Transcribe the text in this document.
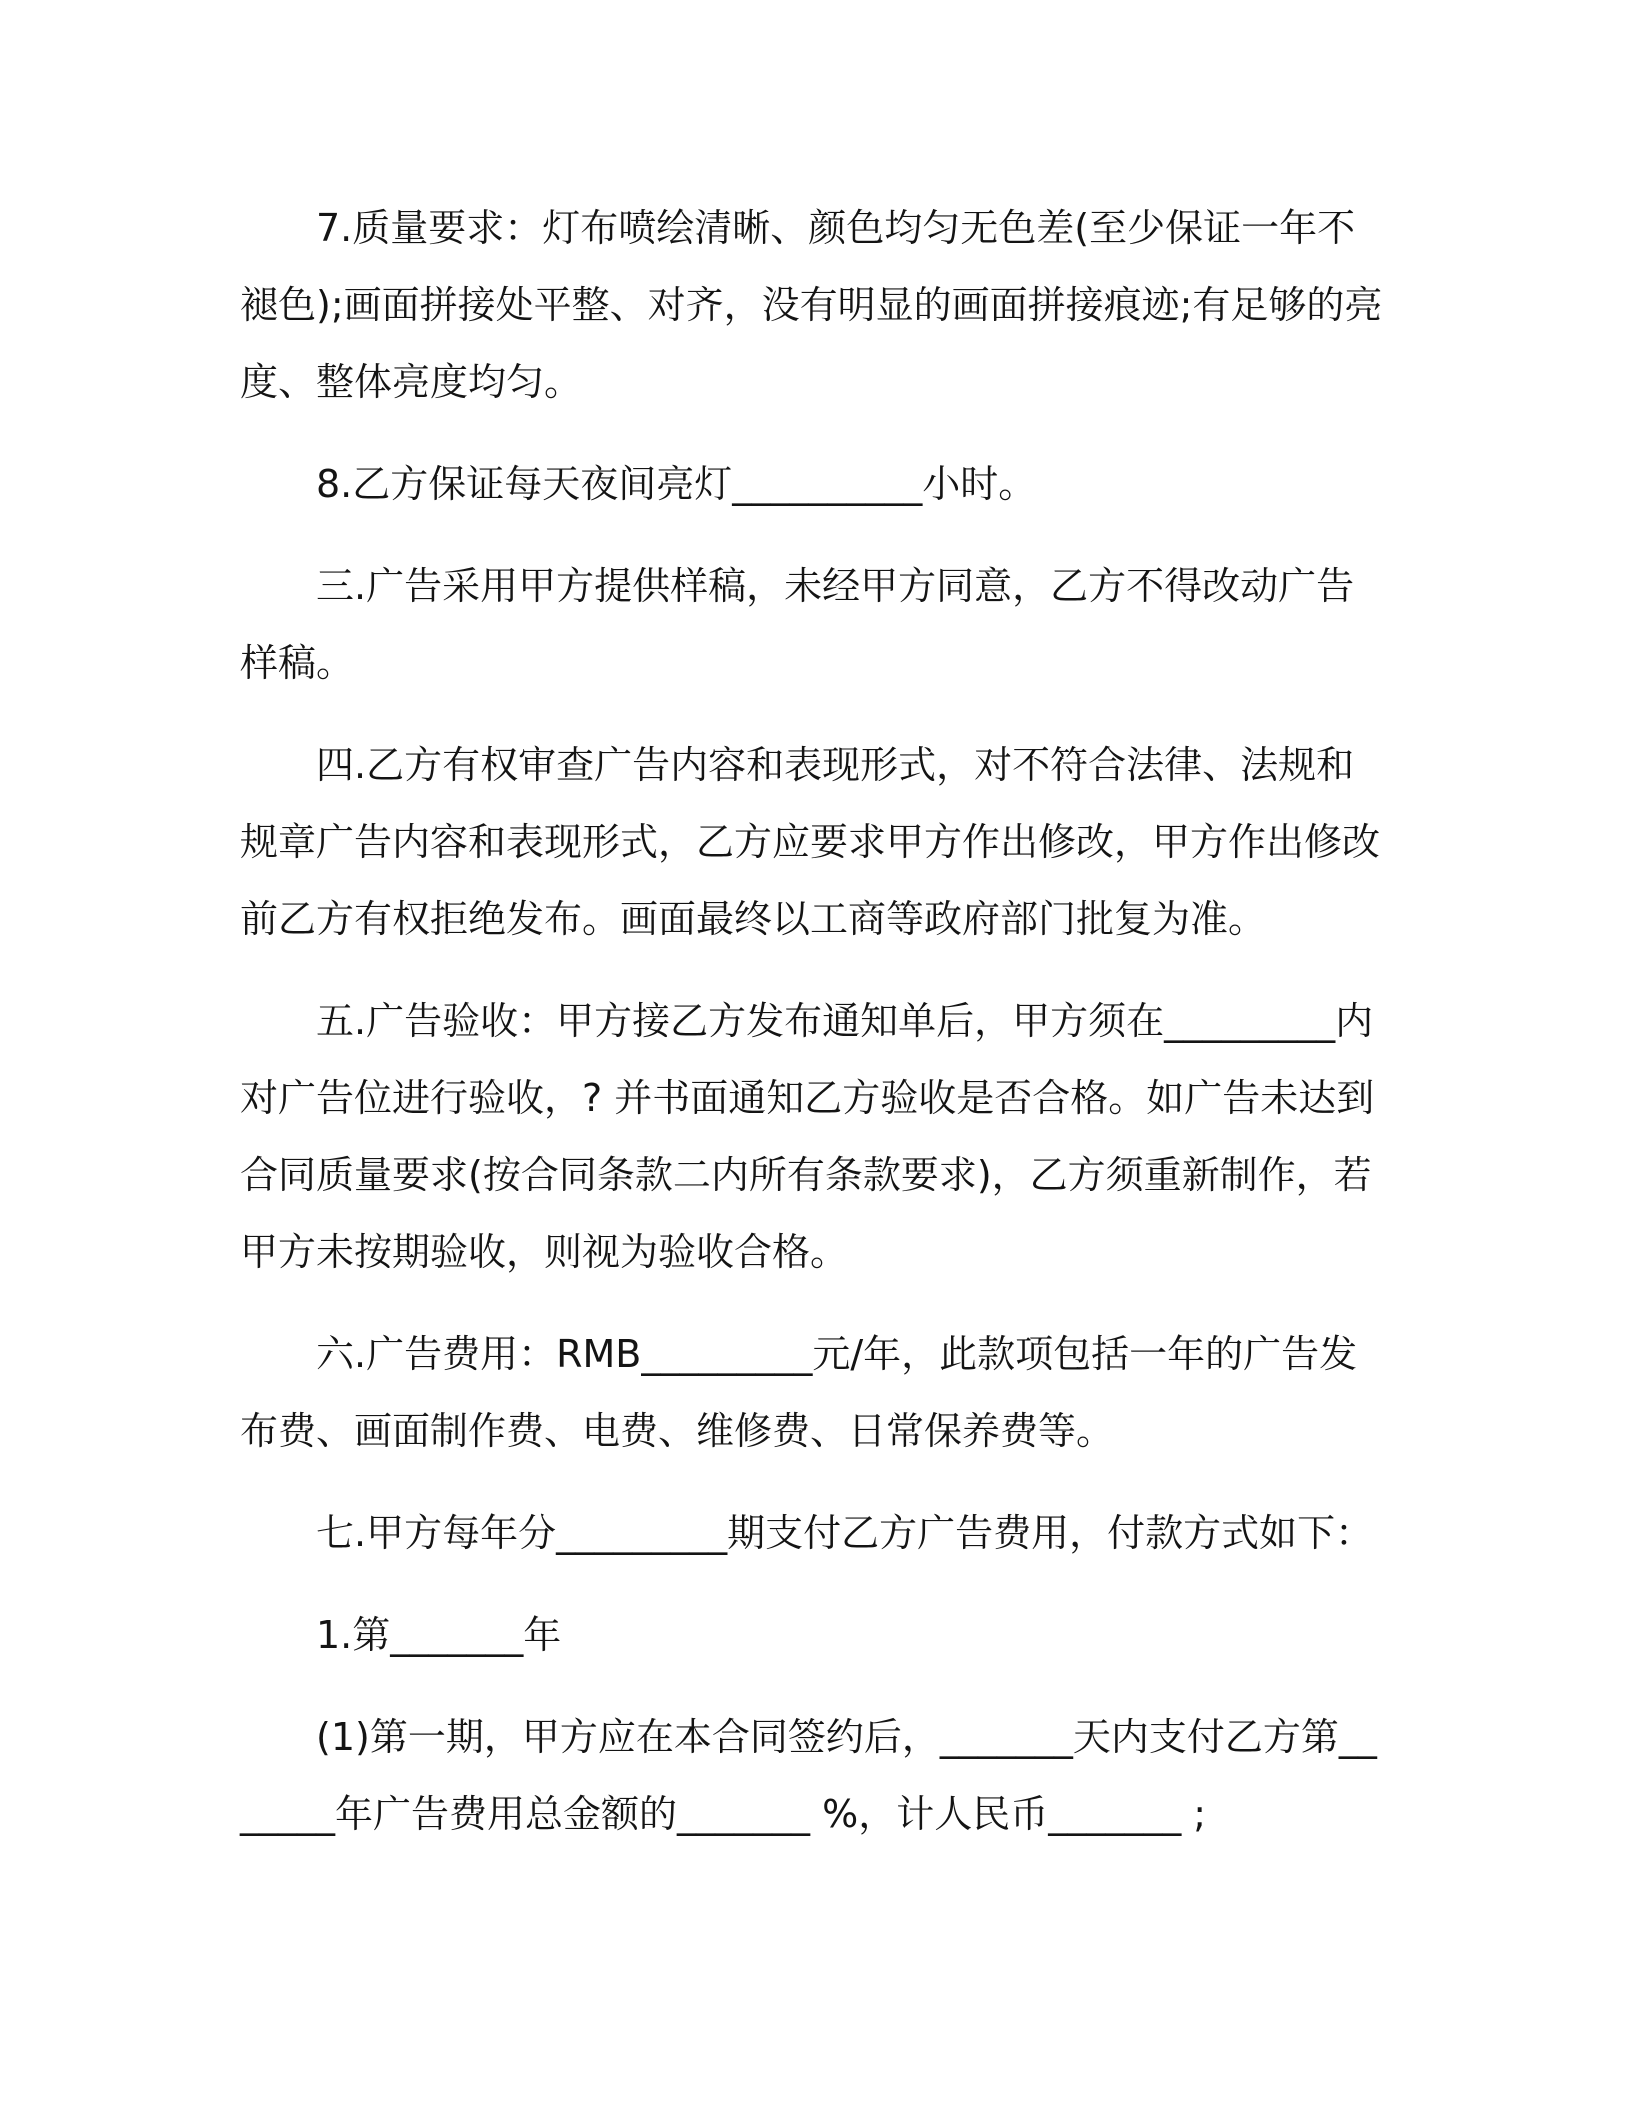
7.质量要求：灯布喷绘清晰、颜色均匀无色差(至少保证一年不褪色);画面拼接处平整、对齐，没有明显的画面拼接痕迹;有足够的亮度、整体亮度均匀。

8.乙方保证每天夜间亮灯__________小时。

三.广告采用甲方提供样稿，未经甲方同意，乙方不得改动广告样稿。

四.乙方有权审查广告内容和表现形式，对不符合法律、法规和规章广告内容和表现形式，乙方应要求甲方作出修改，甲方作出修改前乙方有权拒绝发布。画面最终以工商等政府部门批复为准。

五.广告验收：甲方接乙方发布通知单后，甲方须在_________内对广告位进行验收，? 并书面通知乙方验收是否合格。如广告未达到合同质量要求(按合同条款二内所有条款要求)，乙方须重新制作，若甲方未按期验收，则视为验收合格。

六.广告费用：RMB_________元/年，此款项包括一年的广告发布费、画面制作费、电费、维修费、日常保养费等。

七.甲方每年分_________期支付乙方广告费用，付款方式如下：

1.第_______年

(1)第一期，甲方应在本合同签约后，_______天内支付乙方第_______年广告费用总金额的_______ %，计人民币_______ ;
